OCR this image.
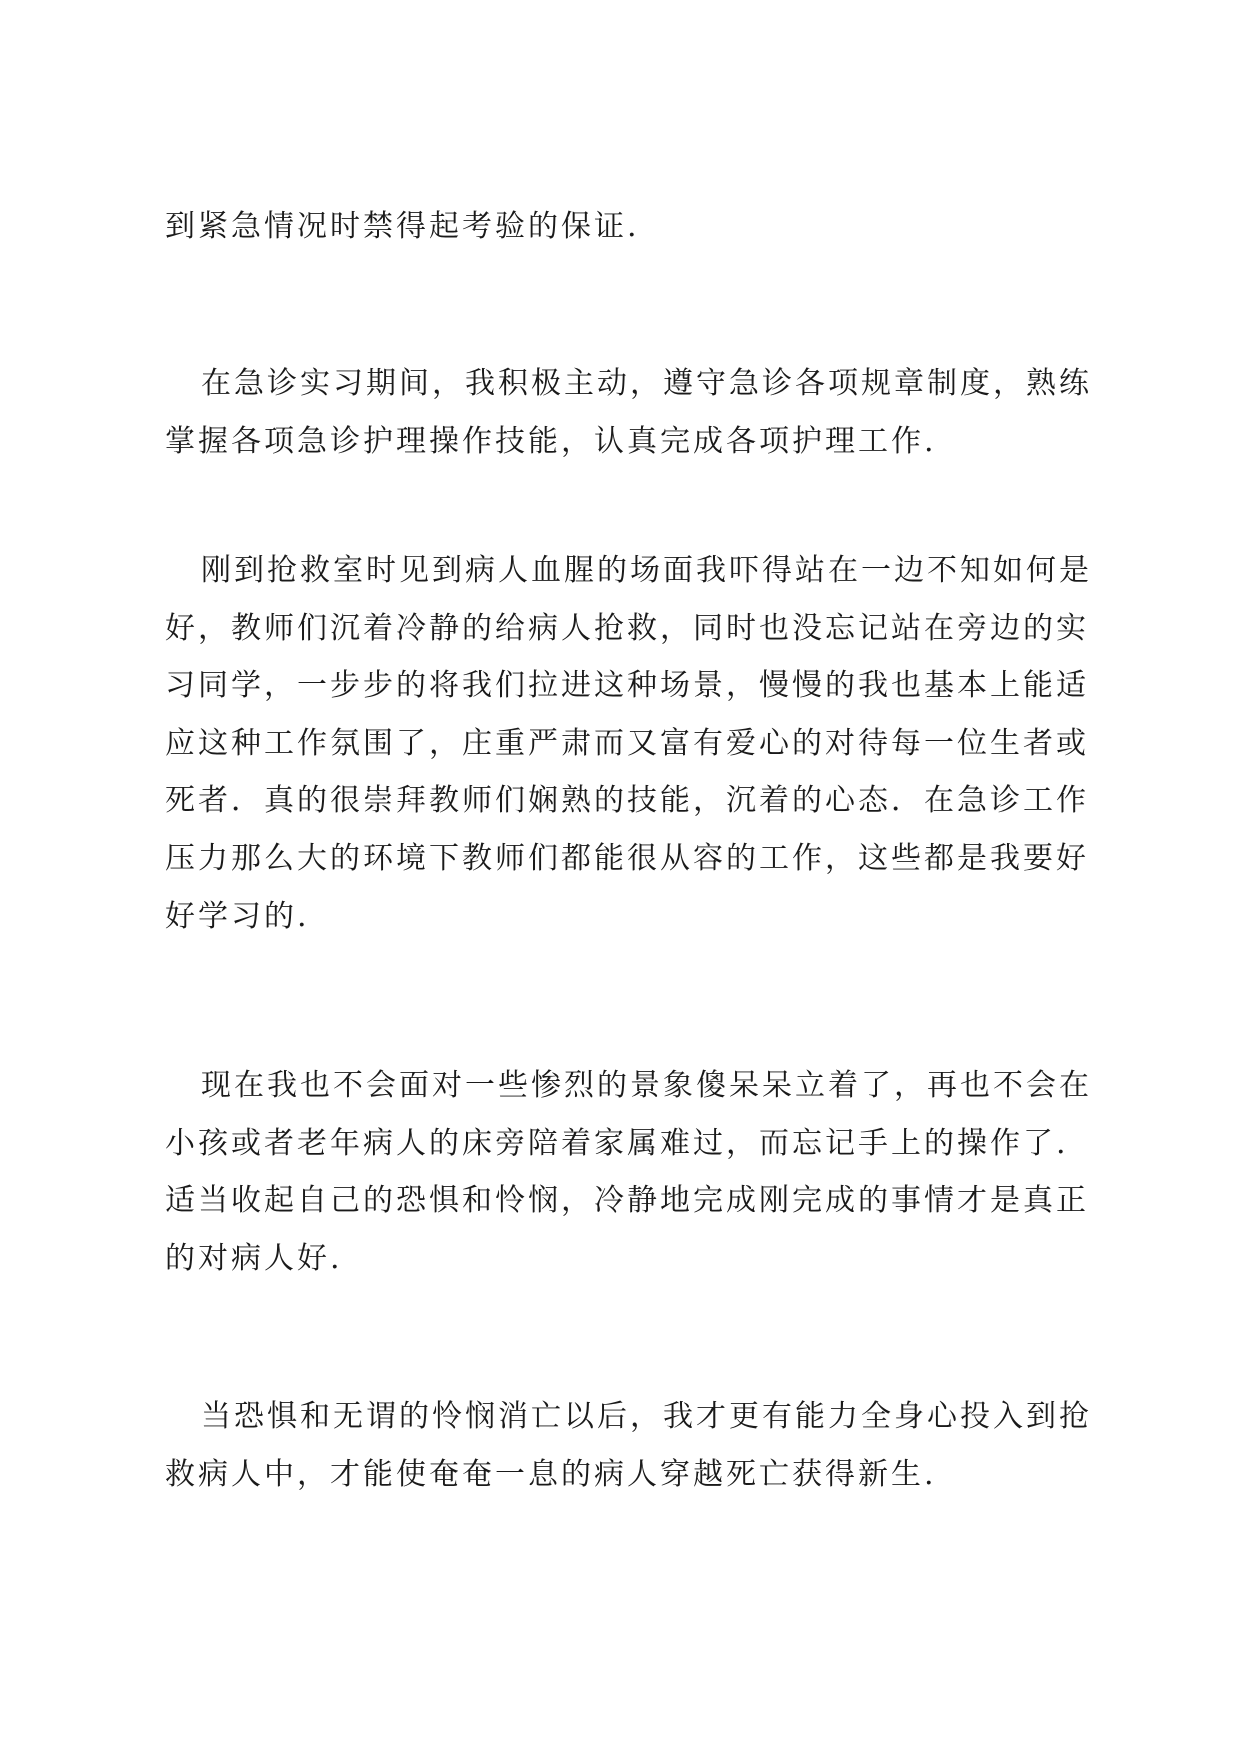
到紧急情况时禁得起考验的保证.

在急诊实习期间，我积极主动，遵守急诊各项规章制度，熟练
掌握各项急诊护理操作技能，认真完成各项护理工作.

刚到抢救室时见到病人血腥的场面我吓得站在一边不知如何是
好，教师们沉着冷静的给病人抢救，同时也没忘记站在旁边的实
习同学，一步步的将我们拉进这种场景，慢慢的我也基本上能适
应这种工作氛围了，庄重严肃而又富有爱心的对待每一位生者或
死者．真的很崇拜教师们娴熟的技能，沉着的心态．在急诊工作
压力那么大的环境下教师们都能很从容的工作，这些都是我要好
好学习的.

现在我也不会面对一些惨烈的景象傻呆呆立着了，再也不会在
小孩或者老年病人的床旁陪着家属难过，而忘记手上的操作了.
适当收起自己的恐惧和怜悯，冷静地完成刚完成的事情才是真正
的对病人好.

当恐惧和无谓的怜悯消亡以后，我才更有能力全身心投入到抢
救病人中，才能使奄奄一息的病人穿越死亡获得新生.
